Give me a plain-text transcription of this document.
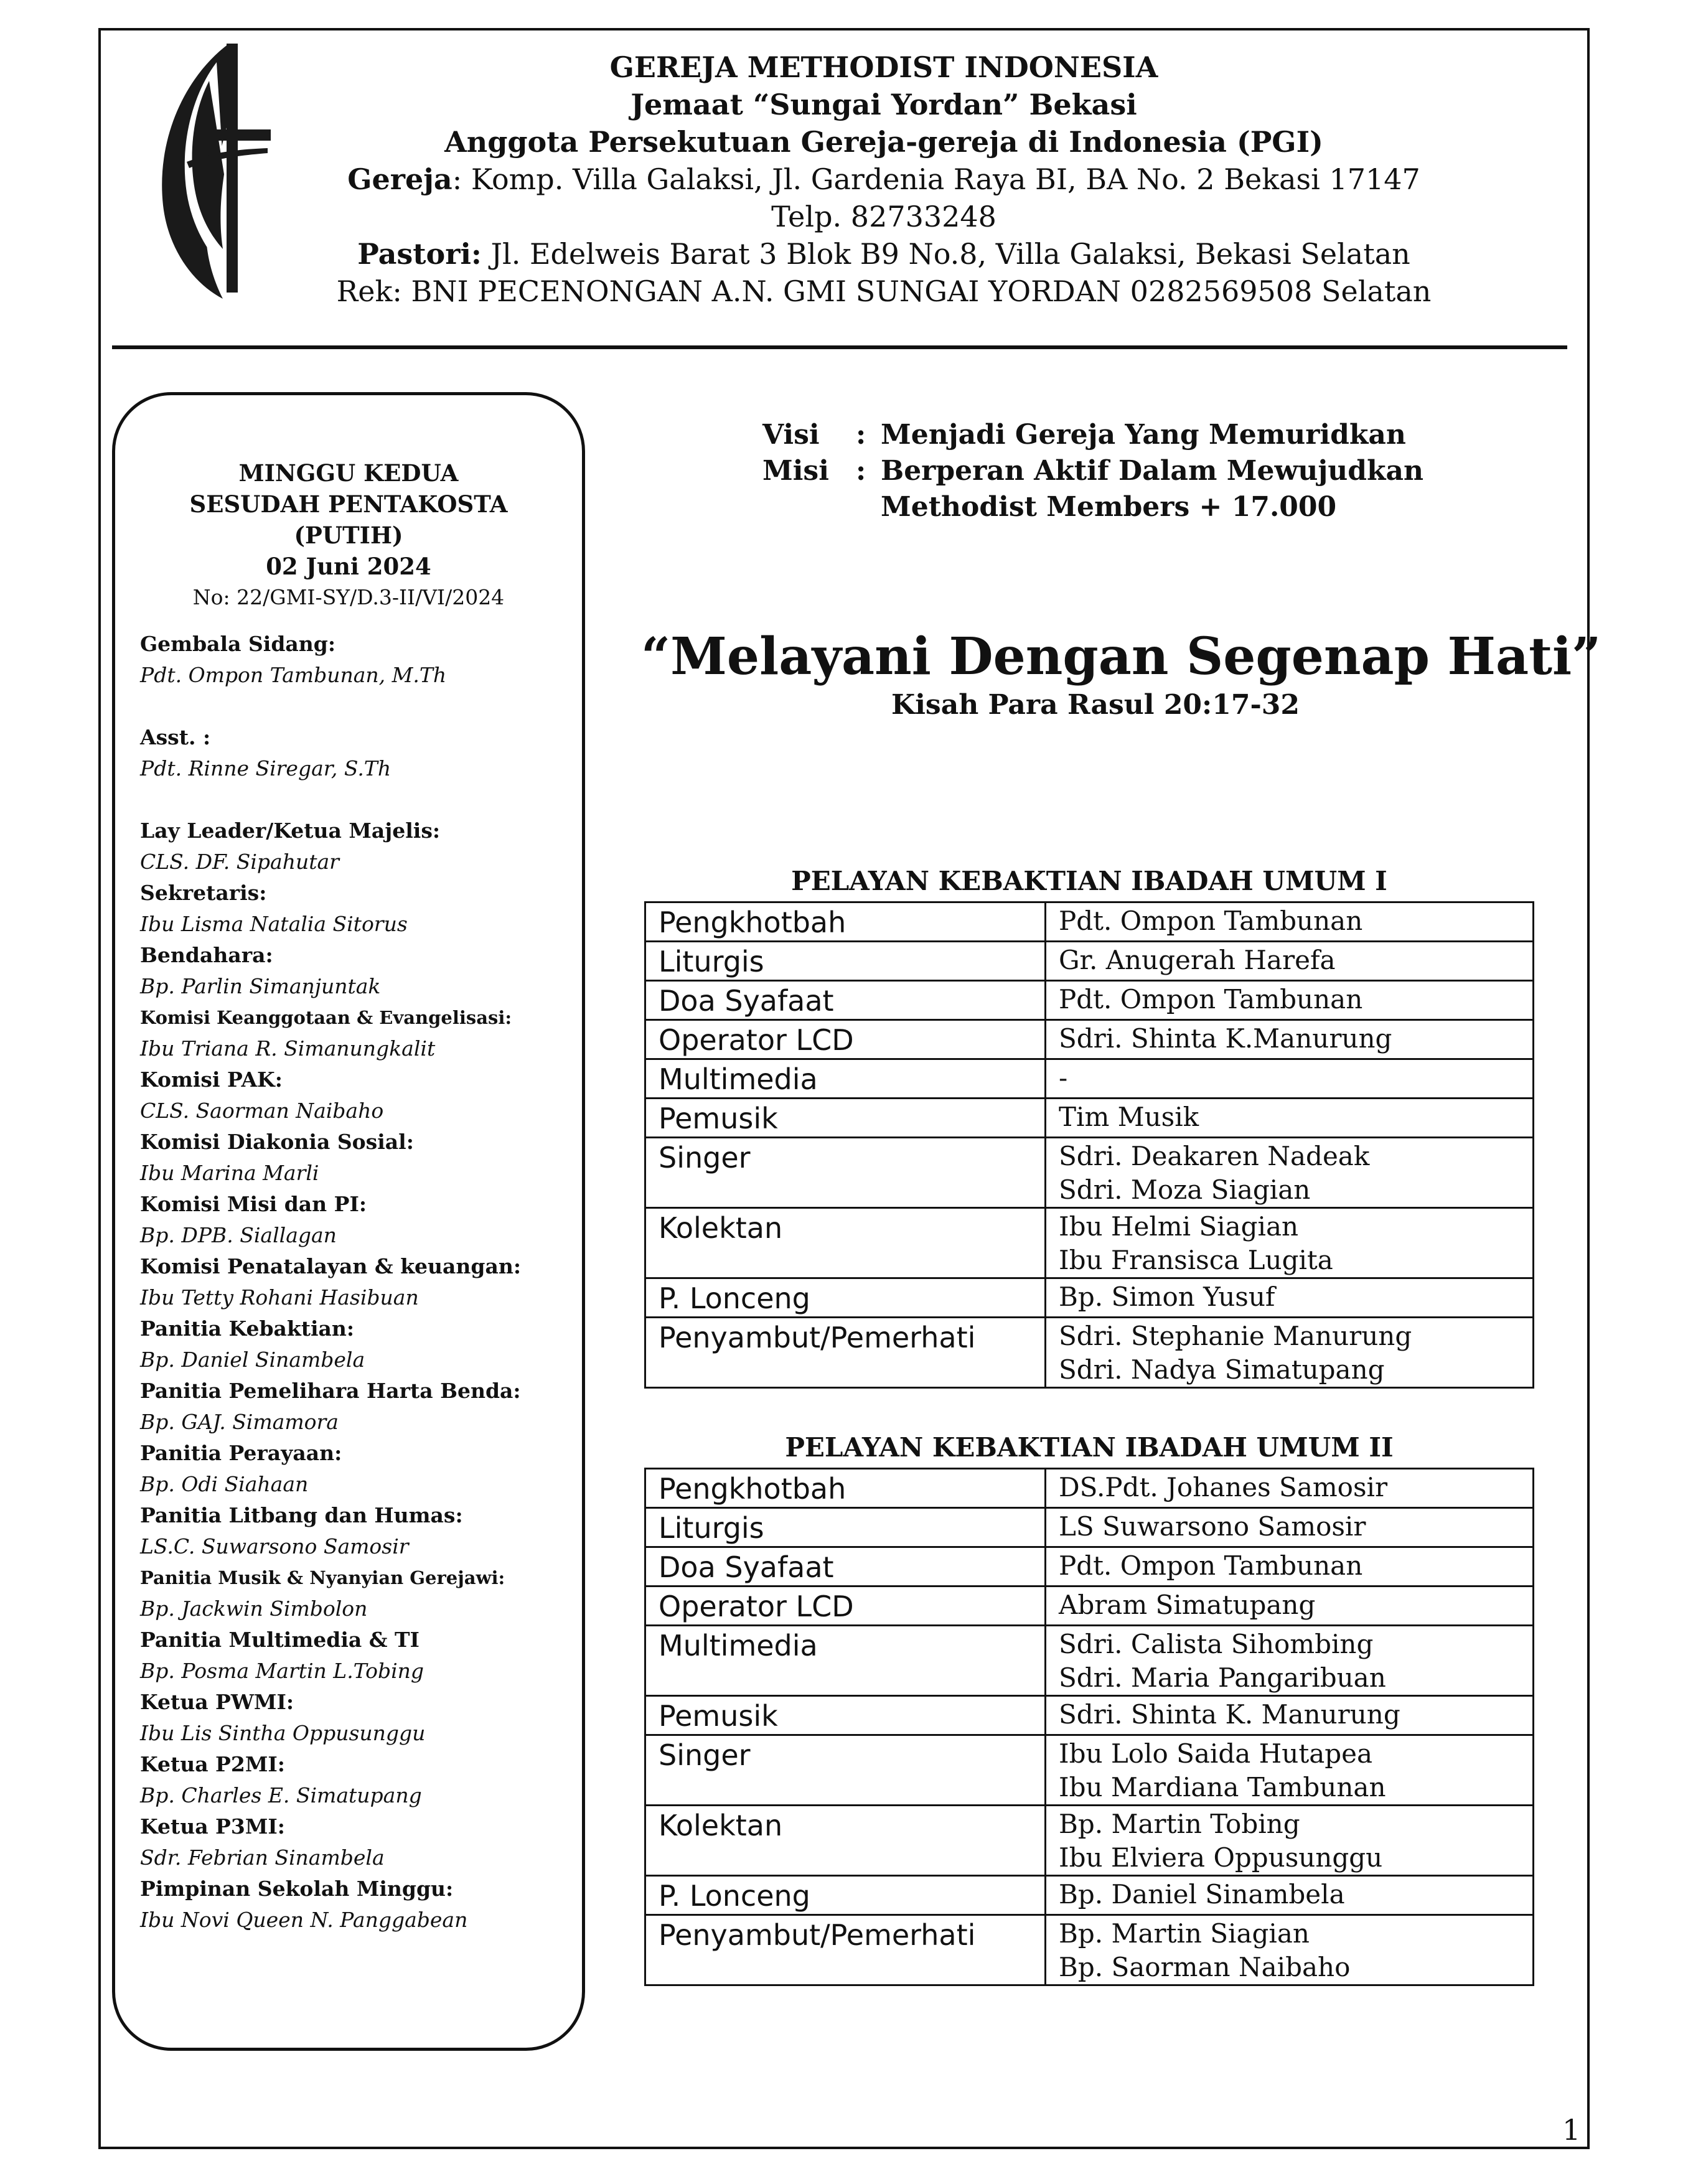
GEREJA METHODIST INDONESIA
Jemaat “Sungai Yordan” Bekasi
Anggota Persekutuan Gereja-gereja di Indonesia (PGI)
Gereja: Komp. Villa Galaksi, Jl. Gardenia Raya BI, BA No. 2 Bekasi 17147
Telp. 82733248
Pastori: Jl. Edelweis Barat 3 Blok B9 No.8, Villa Galaksi, Bekasi Selatan
Rek: BNI PECENONGAN A.N. GMI SUNGAI YORDAN 0282569508 Selatan
MINGGU KEDUA
SESUDAH PENTAKOSTA
(PUTIH)
02 Juni 2024
No: 22/GMI-SY/D.3-II/VI/2024
Gembala Sidang:
Pdt. Ompon Tambunan, M.Th
Asst. :
Pdt. Rinne Siregar, S.Th
Lay Leader/Ketua Majelis:
CLS. DF. Sipahutar
Sekretaris:
Ibu Lisma Natalia Sitorus
Bendahara:
Bp. Parlin Simanjuntak
Komisi Keanggotaan & Evangelisasi:
Ibu Triana R. Simanungkalit
Komisi PAK:
CLS. Saorman Naibaho
Komisi Diakonia Sosial:
Ibu Marina Marli
Komisi Misi dan PI:
Bp. DPB. Siallagan
Komisi Penatalayan & keuangan:
Ibu Tetty Rohani Hasibuan
Panitia Kebaktian:
Bp. Daniel Sinambela
Panitia Pemelihara Harta Benda:
Bp. GAJ. Simamora
Panitia Perayaan:
Bp. Odi Siahaan
Panitia Litbang dan Humas:
LS.C. Suwarsono Samosir
Panitia Musik & Nyanyian Gerejawi:
Bp. Jackwin Simbolon
Panitia Multimedia & TI
Bp. Posma Martin L.Tobing
Ketua PWMI:
Ibu Lis Sintha Oppusunggu
Ketua P2MI:
Bp. Charles E. Simatupang
Ketua P3MI:
Sdr. Febrian Sinambela
Pimpinan Sekolah Minggu:
Ibu Novi Queen N. Panggabean
Visi	: Menjadi Gereja Yang Memuridkan
Misi : Berperan Aktif Dalam Mewujudkan
Methodist Members + 17.000
“Melayani Dengan Segenap Hati”
Kisah Para Rasul 20:17-32
PELAYAN KEBAKTIAN IBADAH UMUM I
Pengkhotbah	Pdt. Ompon Tambunan

Liturgis	Gr. Anugerah Harefa

Doa Syafaat	Pdt. Ompon Tambunan

Operator LCD	Sdri. Shinta K.Manurung

Multimedia	-

Pemusik	Tim Musik

Singer	Sdri. Deakaren Nadeak
Sdri. Moza Siagian

Kolektan	Ibu Helmi Siagian
Ibu Fransisca Lugita

P. Lonceng	Bp. Simon Yusuf

Penyambut/Pemerhati	Sdri. Stephanie Manurung
Sdri. Nadya Simatupang
PELAYAN KEBAKTIAN IBADAH UMUM II
Pengkhotbah	DS.Pdt. Johanes Samosir

Liturgis	LS Suwarsono Samosir

Doa Syafaat	Pdt. Ompon Tambunan

Operator LCD	Abram Simatupang

Multimedia	Sdri. Calista Sihombing
Sdri. Maria Pangaribuan

Pemusik	Sdri. Shinta K. Manurung

Singer	Ibu Lolo Saida Hutapea
Ibu Mardiana Tambunan

Kolektan	Bp. Martin Tobing
Ibu Elviera Oppusunggu

P. Lonceng	Bp. Daniel Sinambela

Penyambut/Pemerhati	Bp. Martin Siagian
Bp. Saorman Naibaho
1
